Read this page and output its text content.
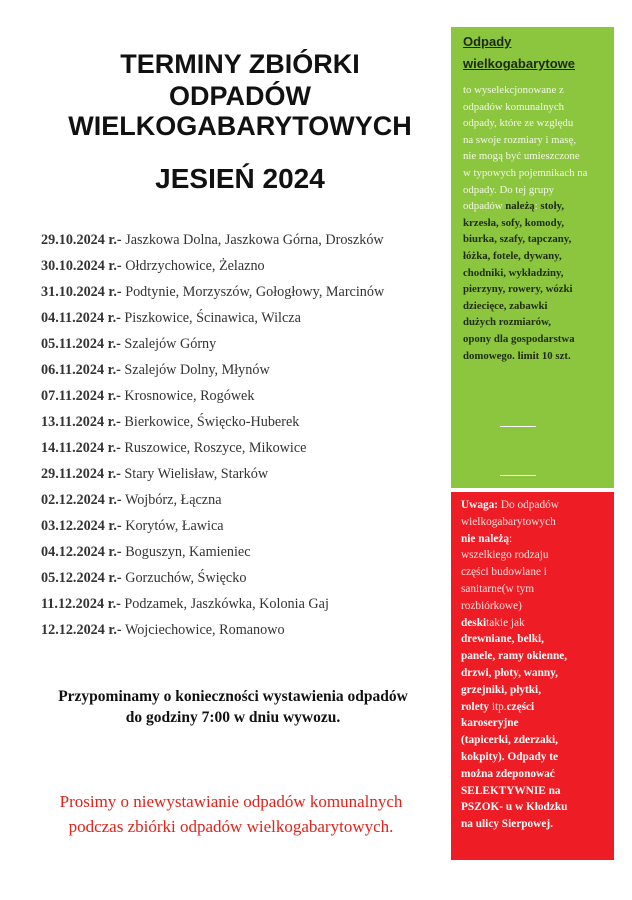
TERMINY ZBIÓRKI
ODPADÓW
WIELKOGABARYTOWYCH
JESIEŃ 2024
29.10.2024 r.- Jaszkowa Dolna, Jaszkowa Górna, Droszków
30.10.2024 r.- Ołdrzychowice, Żelazno
31.10.2024 r.- Podtynie, Morzyszów, Gołogłowy, Marcinów
04.11.2024 r.- Piszkowice, Ścinawica, Wilcza
05.11.2024 r.- Szalejów Górny
06.11.2024 r.- Szalejów Dolny, Młynów
07.11.2024 r.- Krosnowice, Rogówek
13.11.2024 r.- Bierkowice, Święcko-Huberek
14.11.2024 r.- Ruszowice, Roszyce, Mikowice
29.11.2024 r.- Stary Wielisław, Starków
02.12.2024 r.- Wojbórz, Łączna
03.12.2024 r.- Korytów, Ławica
04.12.2024 r.- Boguszyn, Kamieniec
05.12.2024 r.- Gorzuchów, Święcko
11.12.2024 r.- Podzamek, Jaszkówka, Kolonia Gaj
12.12.2024 r.- Wojciechowice, Romanowo
Przypominamy o konieczności wystawienia odpadów
do godziny 7:00 w dniu wywozu.
Prosimy o niewystawianie odpadów komunalnych
podczas zbiórki odpadów wielkogabarytowych.
Odpady
wielkogabarytowe
to wyselekcjonowane z
odpadów komunalnych
odpady, które ze względu
na swoje rozmiary i masę,
nie mogą być umieszczone
w typowych pojemnikach na
odpady. Do tej grupy
odpadów należą: stoły,
krzesła, sofy, komody,
biurka, szafy, tapczany,
łóżka, fotele, dywany,
chodniki, wykładziny,
pierzyny, rowery, wózki
dziecięce, zabawki
dużych rozmiarów,
opony dla gospodarstwa
domowego. limit 10 szt.
Uwaga: Do odpadów
wielkogabarytowych
nie należą:
wszelkiego rodzaju
części budowlane i
sanitarne(w tym
rozbiórkowe)
deskitakie jak
drewniane, belki,
panele, ramy okienne,
drzwi, płoty, wanny,
grzejniki, płytki,
rolety itp.części
karoseryjne
(tapicerki, zderzaki,
kokpity). Odpady te
można zdeponować
SELEKTYWNIE na
PSZOK- u w Kłodzku
na ulicy Sierpowej.
